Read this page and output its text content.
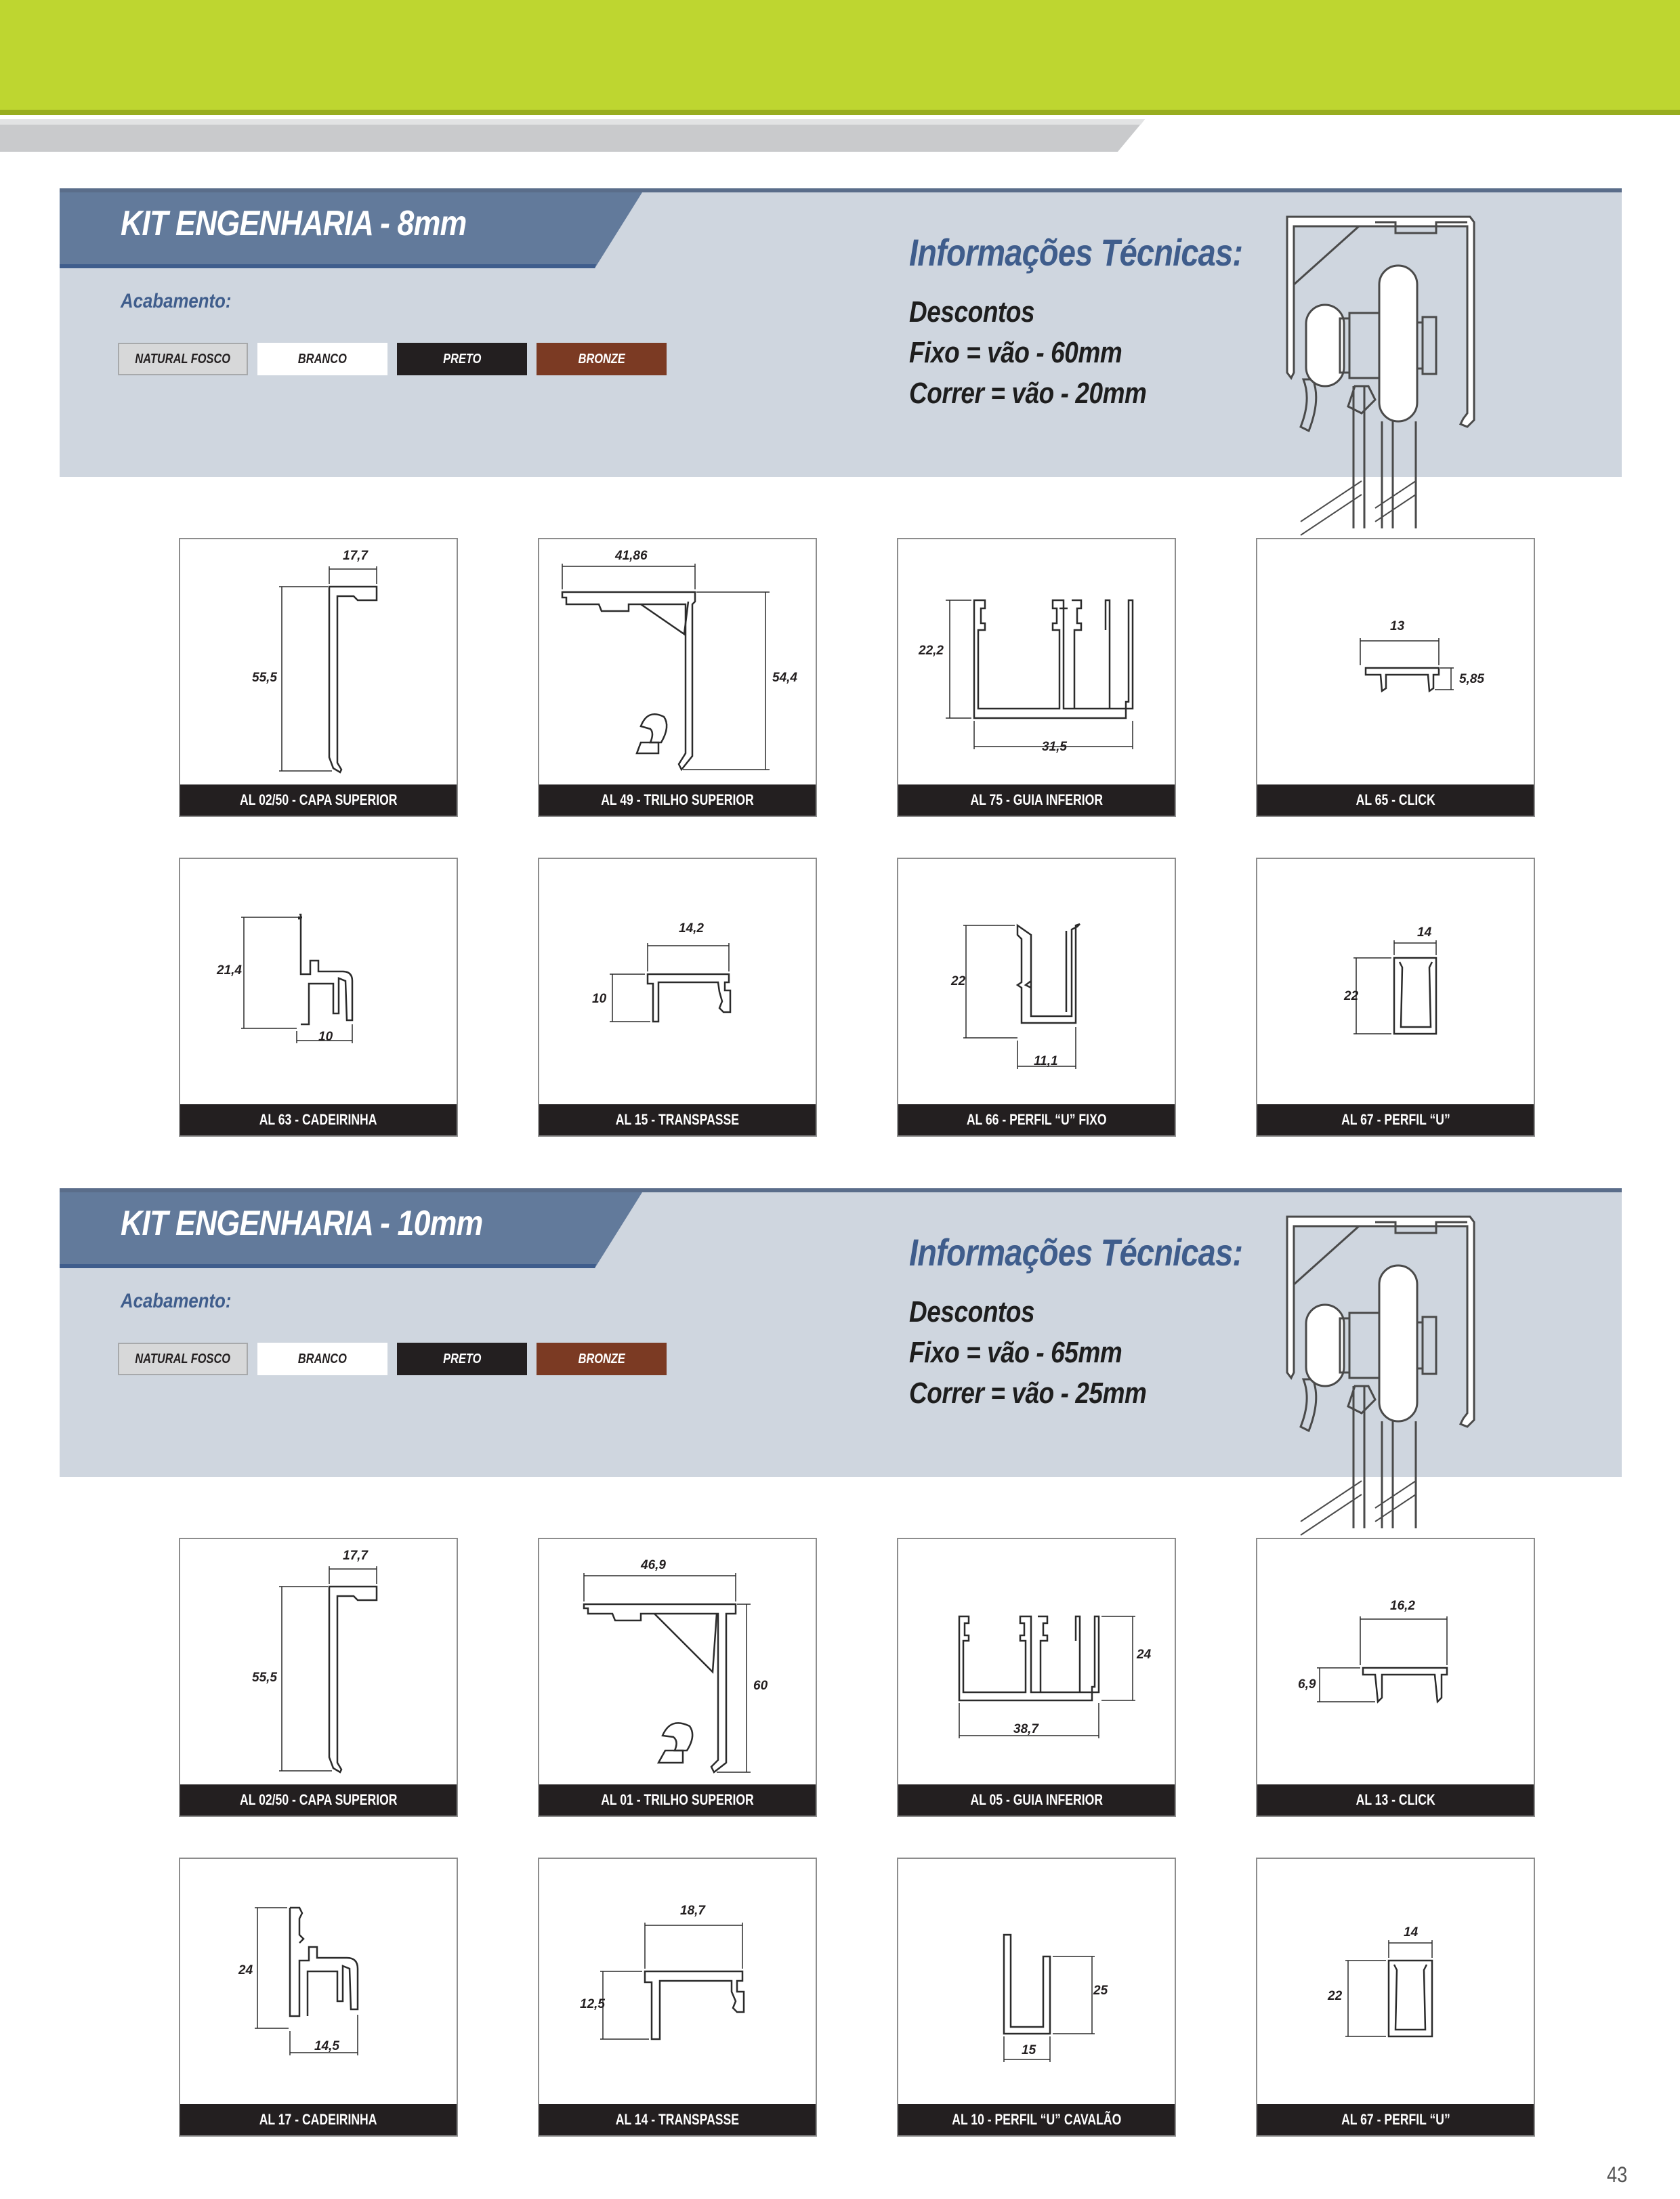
KIT ENGENHARIA - 8mm
Acabamento:
NATURAL FOSCO	BRANCO	PRETO	BRONZE
Informações Técnicas:
Descontos
Fixo = vão - 60mm
Correr = vão - 20mm
KIT ENGENHARIA - 10mm
Acabamento:
NATURAL FOSCO	BRANCO	PRETO	BRONZE
Informações Técnicas:
Descontos
Fixo = vão - 65mm
Correr = vão - 25mm
17,7
55,5
AL 02/50 - CAPA SUPERIOR
41,86
54,4
AL 49 - TRILHO SUPERIOR
22,2
31,5
AL 75 - GUIA INFERIOR
13
5,85
AL 65 - CLICK
21,4
10
AL 63 - CADEIRINHA
14,2
10
AL 15 - TRANSPASSE
22
11,1
AL 66 - PERFIL “U” FIXO
14
22
AL 67 - PERFIL “U”
17,7
55,5
AL 02/50 - CAPA SUPERIOR
46,9
60
AL 01 - TRILHO SUPERIOR
24
38,7
AL 05 - GUIA INFERIOR
16,2
6,9
AL 13 - CLICK
24
14,5
AL 17 - CADEIRINHA
18,7
12,5
AL 14 - TRANSPASSE
25
15
AL 10 - PERFIL “U” CAVALÃO
14
22
AL 67 - PERFIL “U”
43
